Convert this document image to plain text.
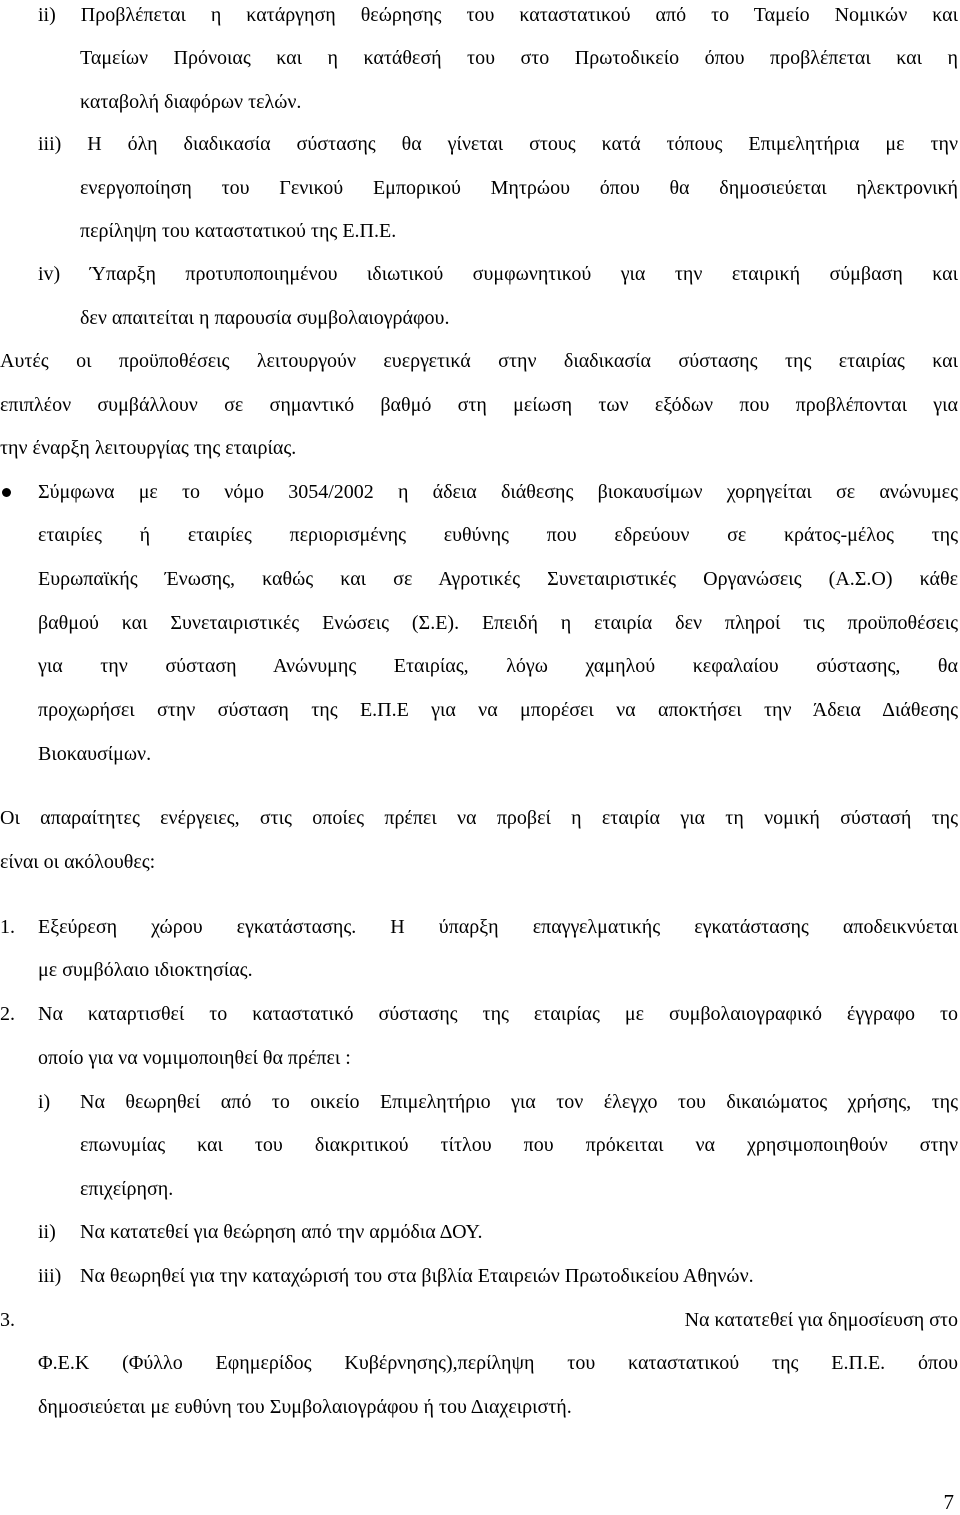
ii) Προβλέπεται η κατάργηση θεώρησης του καταστατικού από το Ταμείο Νομικών και
Ταμείων Πρόνοιας και η κατάθεσή του στο Πρωτοδικείο όπου προβλέπεται και η
καταβολή διαφόρων τελών.
iii) Η όλη διαδικασία σύστασης θα γίνεται στους κατά τόπους Επιμελητήρια με την
ενεργοποίηση του Γενικού Εμπορικού Μητρώου όπου θα δημοσιεύεται ηλεκτρονική
περίληψη του καταστατικού της Ε.Π.Ε.
iv) Ύπαρξη προτυποποιημένου ιδιωτικού συμφωνητικού για την εταιρική σύμβαση και
δεν απαιτείται η παρουσία συμβολαιογράφου.
Αυτές οι προϋποθέσεις λειτουργούν ευεργετικά στην διαδικασία σύστασης της εταιρίας και
επιπλέον συμβάλλουν σε σημαντικό βαθμό στη μείωση των εξόδων που προβλέπονται για
την έναρξη λειτουργίας της εταιρίας.
Σύμφωνα με το νόμο 3054/2002 η άδεια διάθεσης βιοκαυσίμων χορηγείται σε ανώνυμες
εταιρίες ή εταιρίες περιορισμένης ευθύνης που εδρεύουν σε κράτος-μέλος της
Ευρωπαϊκής Ένωσης, καθώς και σε Αγροτικές Συνεταιριστικές Οργανώσεις (Α.Σ.Ο) κάθε
βαθμού και Συνεταιριστικές Ενώσεις (Σ.Ε). Επειδή η εταιρία δεν πληροί τις προϋποθέσεις
για την σύσταση Ανώνυμης Εταιρίας, λόγω χαμηλού κεφαλαίου σύστασης, θα
προχωρήσει στην σύσταση της Ε.Π.Ε για να μπορέσει να αποκτήσει την Άδεια Διάθεσης
Βιοκαυσίμων.
Οι απαραίτητες ενέργειες, στις οποίες πρέπει να προβεί η εταιρία για τη νομική σύστασή της
είναι οι ακόλουθες:
1. Εξεύρεση χώρου εγκατάστασης. Η ύπαρξη επαγγελματικής εγκατάστασης αποδεικνύεται
με συμβόλαιο ιδιοκτησίας.
2. Να καταρτισθεί το καταστατικό σύστασης της εταιρίας με συμβολαιογραφικό έγγραφο το
οποίο για να νομιμοποιηθεί θα πρέπει :
i) Να θεωρηθεί από το οικείο Επιμελητήριο για τον έλεγχο του δικαιώματος χρήσης, της
επωνυμίας και του διακριτικού τίτλου που πρόκειται να χρησιμοποιηθούν στην
επιχείρηση.
ii) Να κατατεθεί για θεώρηση από την αρμόδια ΔΟΥ.
iii) Να θεωρηθεί για την καταχώρισή του στα βιβλία Εταιρειών Πρωτοδικείου Αθηνών.
3.	Να κατατεθεί για δημοσίευση στο
Φ.Ε.Κ (Φύλλο Εφημερίδος Κυβέρνησης),περίληψη του καταστατικού της Ε.Π.Ε. όπου
δημοσιεύεται με ευθύνη του Συμβολαιογράφου ή του Διαχειριστή.
7
